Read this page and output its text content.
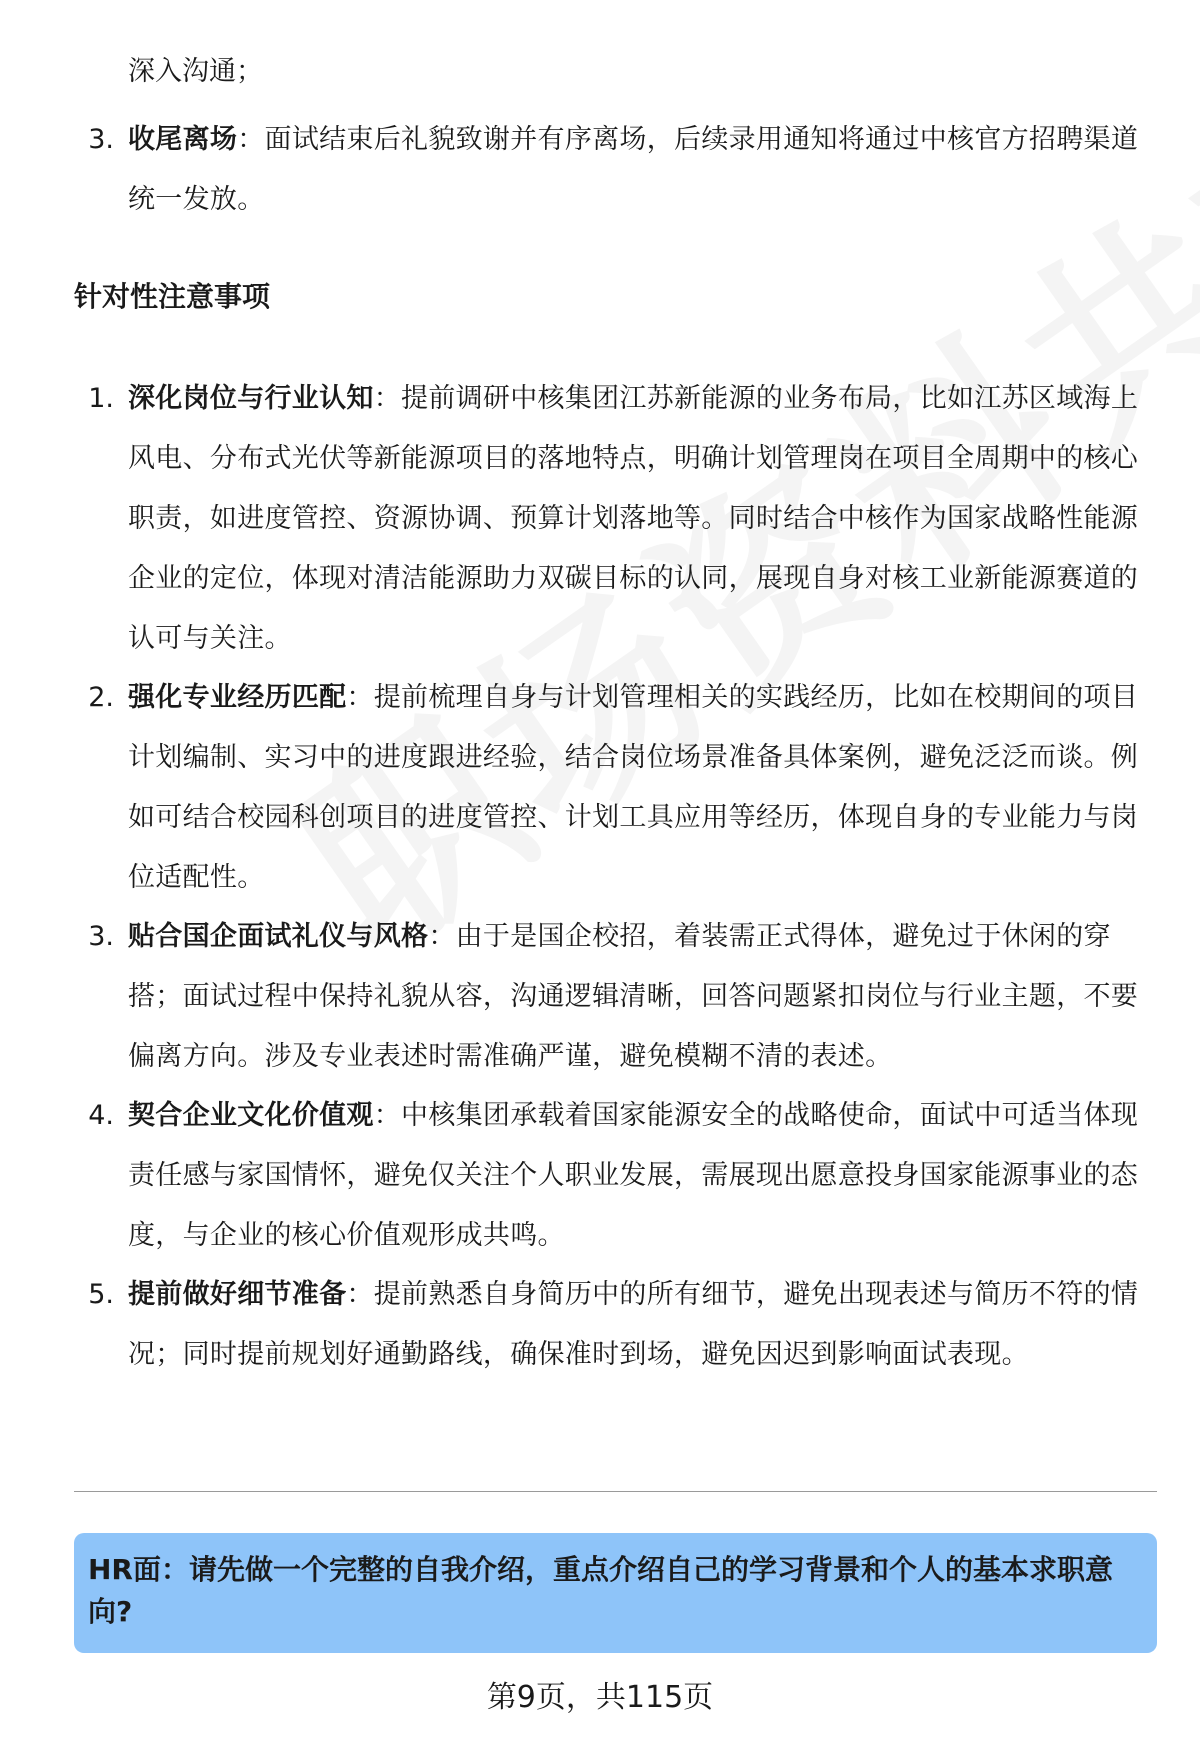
深入沟通；
3. 收尾离场：面试结束后礼貌致谢并有序离场，后续录用通知将通过中核官方招聘渠道统一发放。
针对性注意事项
1. 深化岗位与行业认知：提前调研中核集团江苏新能源的业务布局，比如江苏区域海上风电、分布式光伏等新能源项目的落地特点，明确计划管理岗在项目全周期中的核心职责，如进度管控、资源协调、预算计划落地等。同时结合中核作为国家战略性能源企业的定位，体现对清洁能源助力双碳目标的认同，展现自身对核工业新能源赛道的认可与关注。
2. 强化专业经历匹配：提前梳理自身与计划管理相关的实践经历，比如在校期间的项目计划编制、实习中的进度跟进经验，结合岗位场景准备具体案例，避免泛泛而谈。例如可结合校园科创项目的进度管控、计划工具应用等经历，体现自身的专业能力与岗位适配性。
3. 贴合国企面试礼仪与风格：由于是国企校招，着装需正式得体，避免过于休闲的穿搭；面试过程中保持礼貌从容，沟通逻辑清晰，回答问题紧扣岗位与行业主题，不要偏离方向。涉及专业表述时需准确严谨，避免模糊不清的表述。
4. 契合企业文化价值观：中核集团承载着国家能源安全的战略使命，面试中可适当体现责任感与家国情怀，避免仅关注个人职业发展，需展现出愿意投身国家能源事业的态度，与企业的核心价值观形成共鸣。
5. 提前做好细节准备：提前熟悉自身简历中的所有细节，避免出现表述与简历不符的情况；同时提前规划好通勤路线，确保准时到场，避免因迟到影响面试表现。
HR面：请先做一个完整的自我介绍，重点介绍自己的学习背景和个人的基本求职意向?
第9页，共115页
